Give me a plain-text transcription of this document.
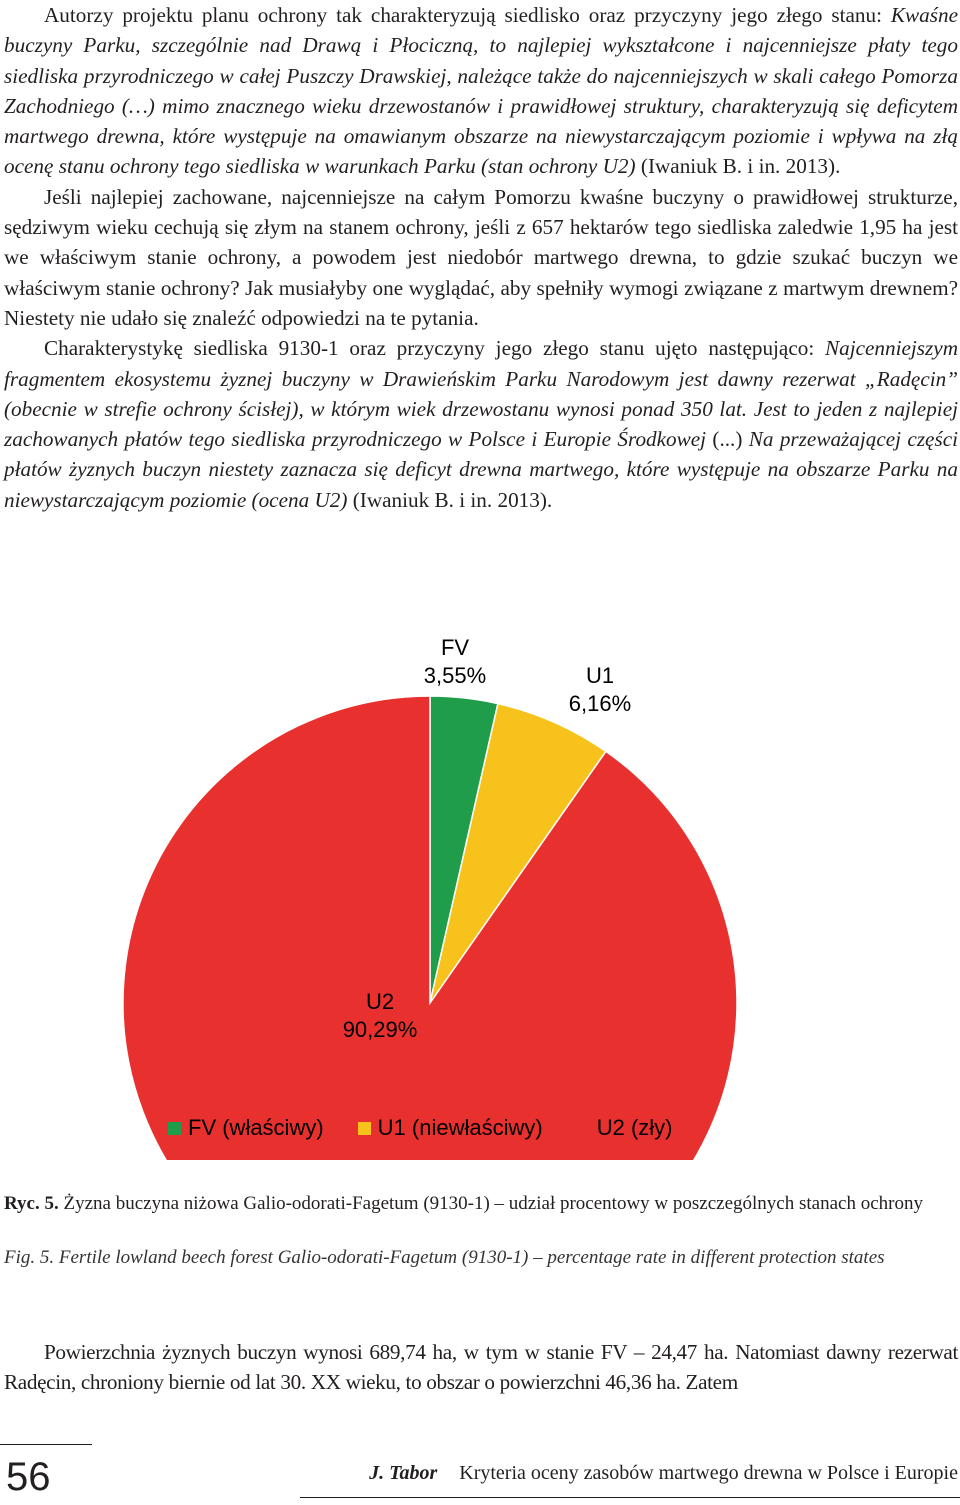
Autorzy projektu planu ochrony tak charakteryzują siedlisko oraz przyczyny jego złego stanu: Kwaśne buczyny Parku, szczególnie nad Drawą i Płociczną, to najlepiej wykształcone i najcenniejsze płaty tego siedliska przyrodniczego w całej Puszczy Drawskiej, należące także do najcenniejszych w skali całego Pomorza Zachodniego (…) mimo znacznego wieku drzewostanów i prawidłowej struktury, charakteryzują się deficytem martwego drewna, które występuje na omawianym obszarze na niewystarczającym poziomie i wpływa na złą ocenę stanu ochrony tego siedliska w warunkach Parku (stan ochrony U2) (Iwaniuk B. i in. 2013).

Jeśli najlepiej zachowane, najcenniejsze na całym Pomorzu kwaśne buczyny o prawidłowej strukturze, sędziwym wieku cechują się złym na stanem ochrony, jeśli z 657 hektarów tego siedliska zaledwie 1,95 ha jest we właściwym stanie ochrony, a powodem jest niedobór martwego drewna, to gdzie szukać buczyn we właściwym stanie ochrony? Jak musiałyby one wyglądać, aby spełniły wymogi związane z martwym drewnem? Niestety nie udało się znaleźć odpowiedzi na te pytania.

Charakterystykę siedliska 9130-1 oraz przyczyny jego złego stanu ujęto następująco: Najcenniejszym fragmentem ekosystemu żyznej buczyny w Drawieńskim Parku Narodowym jest dawny rezerwat „Radęcin” (obecnie w strefie ochrony ścisłej), w którym wiek drzewostanu wynosi ponad 350 lat. Jest to jeden z najlepiej zachowanych płatów tego siedliska przyrodniczego w Polsce i Europie Środkowej (...) Na przeważającej części płatów żyznych buczyn niestety zaznacza się deficyt drewna martwego, które występuje na obszarze Parku na niewystarczającym poziomie (ocena U2) (Iwaniuk B. i in. 2013).

FV
3,55%	U1
6,16%
U2
90,29%
FV (właściwy) U1 (niewłaściwy) U2 (zły)
Ryc. 5. Żyzna buczyna niżowa Galio-odorati-Fagetum (9130-1) – udział procentowy w poszczególnych stanach ochrony
Fig. 5. Fertile lowland beech forest Galio-odorati-Fagetum (9130-1) – percentage rate in different protection states

Powierzchnia żyznych buczyn wynosi 689,74 ha, w tym w stanie FV – 24,47 ha. Natomiast dawny rezerwat Radęcin, chroniony biernie od lat 30. XX wieku, to obszar o powierzchni 46,36 ha. Zatem

56	J. Tabor Kryteria oceny zasobów martwego drewna w Polsce i Europie
